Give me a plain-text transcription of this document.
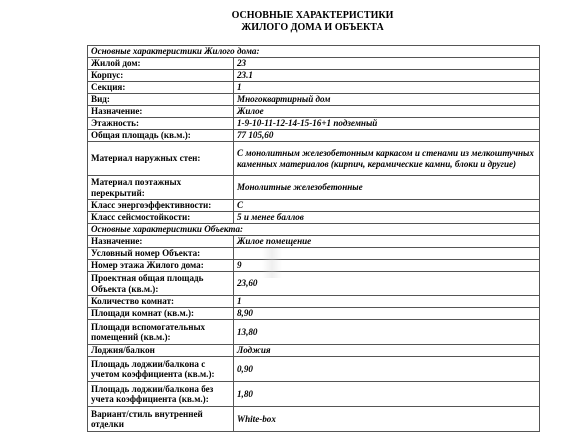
ОСНОВНЫЕ ХАРАКТЕРИСТИКИ
ЖИЛОГО ДОМА И ОБЪЕКТА
Основные характеристики Жилого дома:	
Жилой дом:	23
Корпус:	23.1
Секция:	1
Вид:	Многоквартирный дом
Назначение:	Жилое
Этажность:	1-9-10-11-12-14-15-16+1 подземный
Общая площадь (кв.м.):	77 105,60
Материал наружных стен:	С монолитным железобетонным каркасом и стенами из мелкоштучных каменных материалов (кирпич, керамические камни, блоки и другие)
Материал поэтажных перекрытий:	Монолитные железобетонные
Класс энергоэффективности:	С
Класс сейсмостойкости:	5 и менее баллов
Основные характеристики Объекта:	
Назначение:	Жилое помещение
Условный номер Объекта:	
Номер этажа Жилого дома:	9
Проектная общая площадь Объекта (кв.м.):	23,60
Количество комнат:	1
Площади комнат (кв.м.):	8,90
Площади вспомогательных помещений (кв.м.):	13,80
Лоджия/балкон	Лоджия
Площадь лоджии/балкона с учетом коэффициента (кв.м.):	0,90
Площадь лоджии/балкона без учета коэффициента (кв.м.):	1,80
Вариант/стиль внутренней отделки	White-box
